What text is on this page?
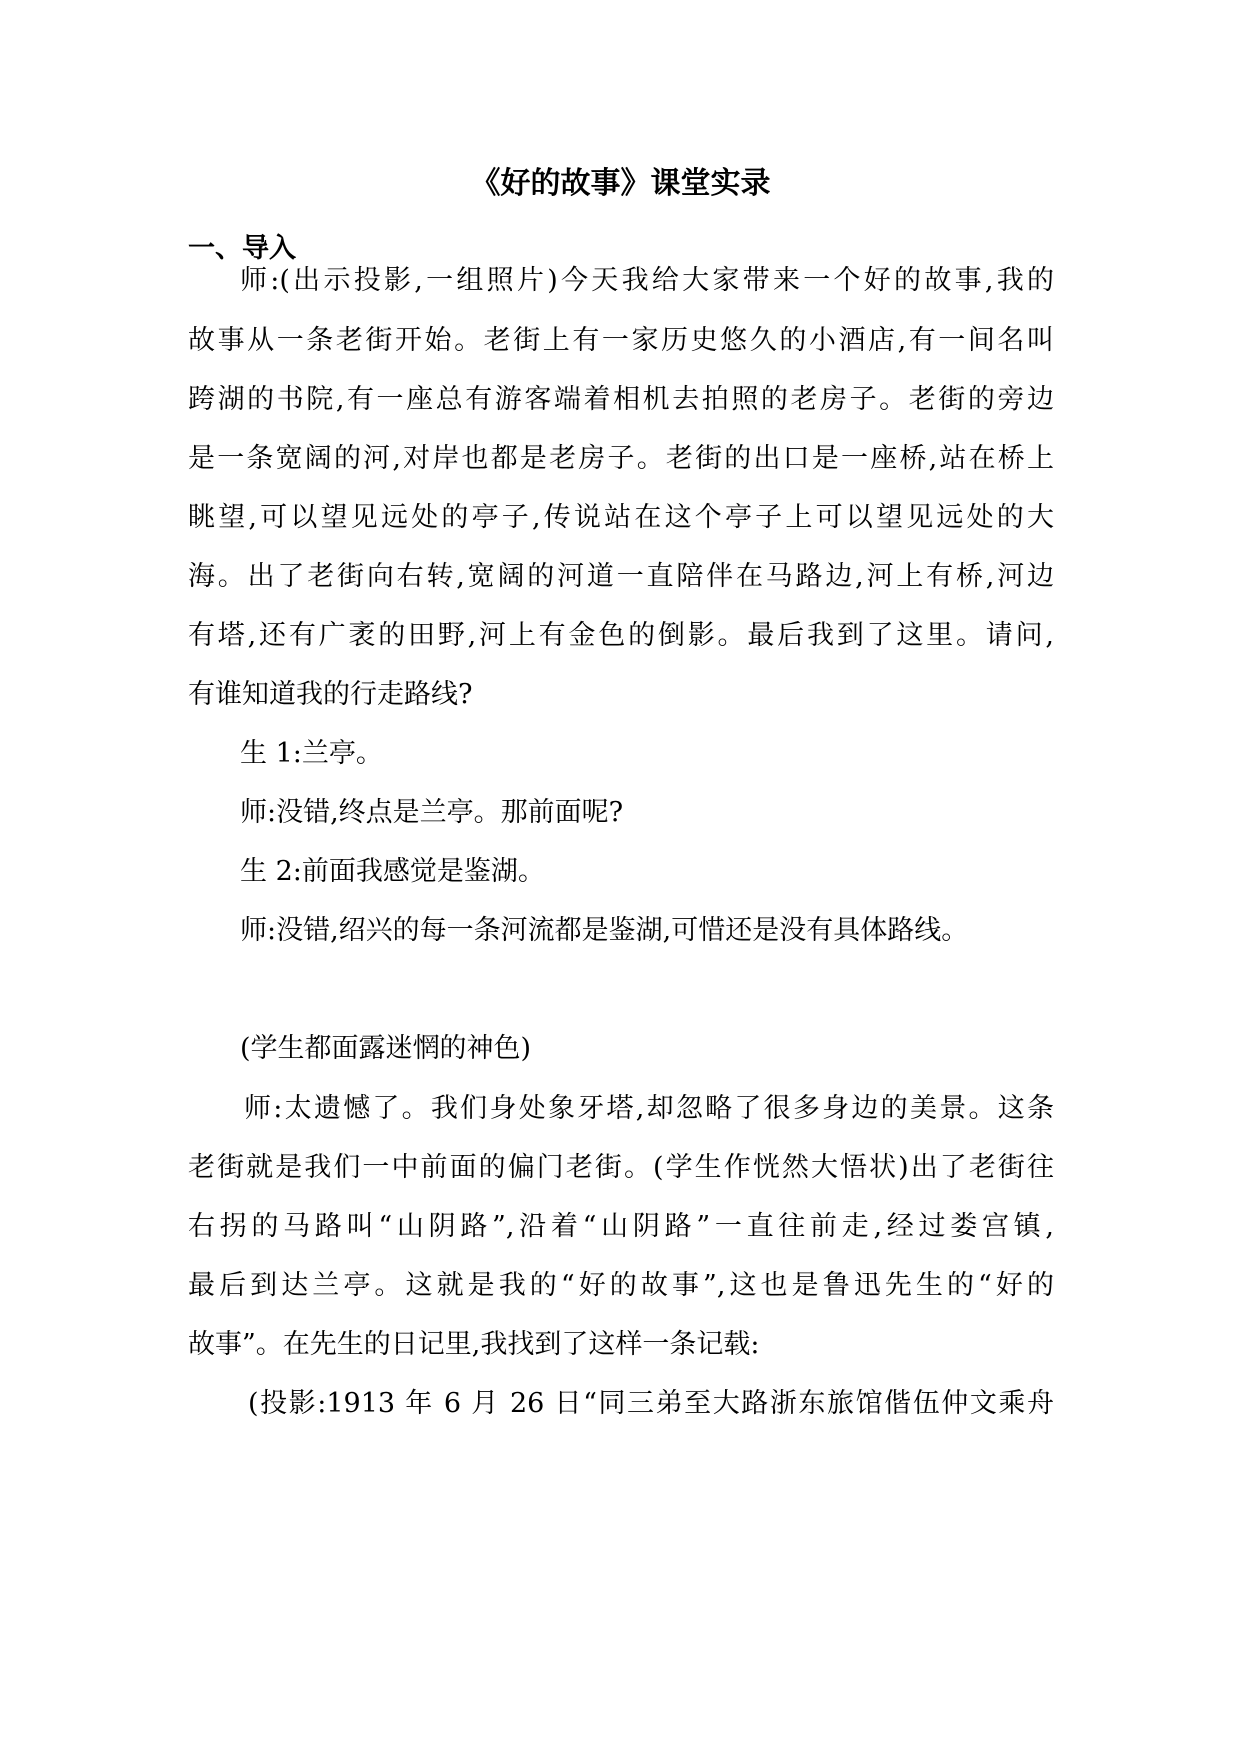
《好的故事》课堂实录
一、导入
师:(出示投影,一组照片)今天我给大家带来一个好的故事,我的
故事从一条老街开始。老街上有一家历史悠久的小酒店,有一间名叫
跨湖的书院,有一座总有游客端着相机去拍照的老房子。老街的旁边
是一条宽阔的河,对岸也都是老房子。老街的出口是一座桥,站在桥上
眺望,可以望见远处的亭子,传说站在这个亭子上可以望见远处的大
海。出了老街向右转,宽阔的河道一直陪伴在马路边,河上有桥,河边
有塔,还有广袤的田野,河上有金色的倒影。最后我到了这里。请问,
有谁知道我的行走路线?
生 1:兰亭。
师:没错,终点是兰亭。那前面呢?
生 2:前面我感觉是鉴湖。
师:没错,绍兴的每一条河流都是鉴湖,可惜还是没有具体路线。
(学生都面露迷惘的神色)
师:太遗憾了。我们身处象牙塔,却忽略了很多身边的美景。这条
老街就是我们一中前面的偏门老街。(学生作恍然大悟状)出了老街往
右拐的马路叫“山阴路”,沿着“山阴路”一直往前走,经过娄宫镇,
最后到达兰亭。这就是我的“好的故事”,这也是鲁迅先生的“好的
故事”。在先生的日记里,我找到了这样一条记载:
(投影:1913 年 6 月 26 日“同三弟至大路浙东旅馆偕伍仲文乘舟
